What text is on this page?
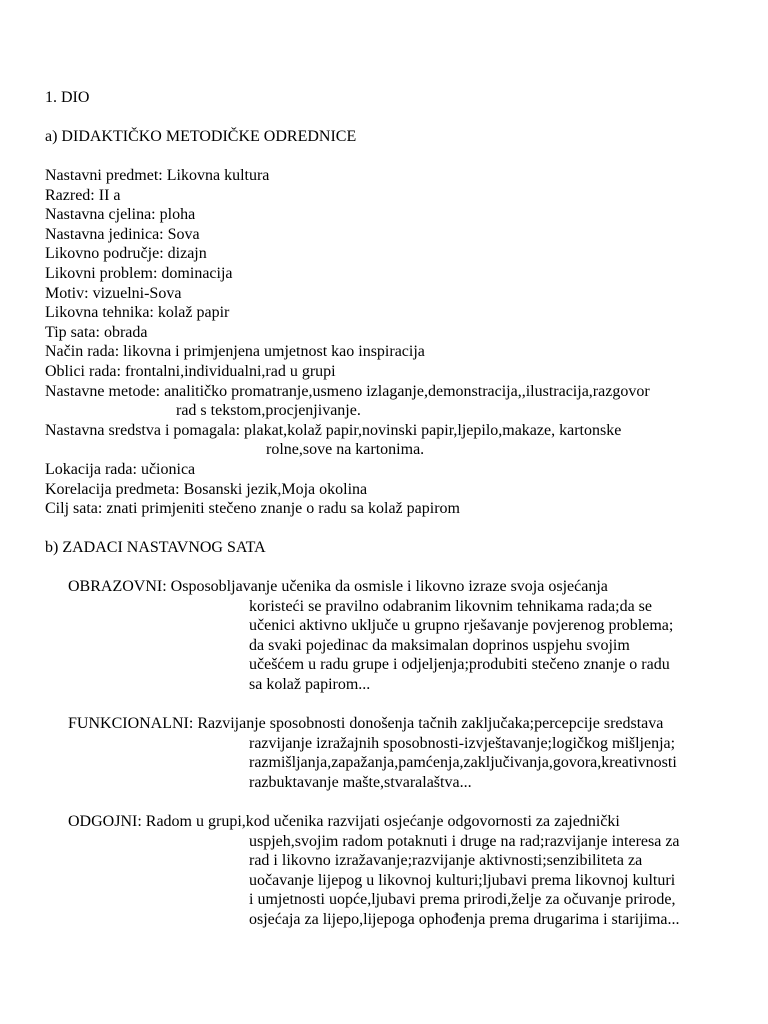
1. DIO
a) DIDAKTIČKO METODIČKE ODREDNICE
Nastavni predmet: Likovna kultura
Razred: II a
Nastavna cjelina: ploha
Nastavna jedinica: Sova
Likovno područje: dizajn
Likovni problem: dominacija
Motiv: vizuelni-Sova
Likovna tehnika: kolaž papir
Tip sata: obrada
Način rada: likovna i primjenjena umjetnost kao inspiracija
Oblici rada: frontalni,individualni,rad u grupi
Nastavne metode: analitičko promatranje,usmeno izlaganje,demonstracija,,ilustracija,razgovor
rad s tekstom,procjenjivanje.
Nastavna sredstva i pomagala: plakat,kolaž papir,novinski papir,ljepilo,makaze, kartonske
rolne,sove na kartonima.
Lokacija rada: učionica
Korelacija predmeta: Bosanski jezik,Moja okolina
Cilj sata: znati primjeniti stečeno znanje o radu sa kolaž papirom
b) ZADACI NASTAVNOG SATA
OBRAZOVNI: Osposobljavanje učenika da osmisle i likovno izraze svoja osjećanja
koristeći se pravilno odabranim likovnim tehnikama rada;da se
učenici aktivno uključe u grupno rješavanje povjerenog problema;
da svaki pojedinac da maksimalan doprinos uspjehu svojim
učešćem u radu grupe i odjeljenja;produbiti stečeno znanje o radu
sa kolaž papirom...
FUNKCIONALNI: Razvijanje sposobnosti donošenja tačnih zaključaka;percepcije sredstava
razvijanje izražajnih sposobnosti-izvještavanje;logičkog mišljenja;
razmišljanja,zapažanja,pamćenja,zaključivanja,govora,kreativnosti
razbuktavanje mašte,stvaralaštva...
ODGOJNI: Radom u grupi,kod učenika razvijati osjećanje odgovornosti za zajednički
uspjeh,svojim radom potaknuti i druge na rad;razvijanje interesa za
rad i likovno izražavanje;razvijanje aktivnosti;senzibiliteta za
uočavanje lijepog u likovnoj kulturi;ljubavi prema likovnoj kulturi
i umjetnosti uopće,ljubavi prema prirodi,želje za očuvanje prirode,
osjećaja za lijepo,lijepoga ophođenja prema drugarima i starijima...
